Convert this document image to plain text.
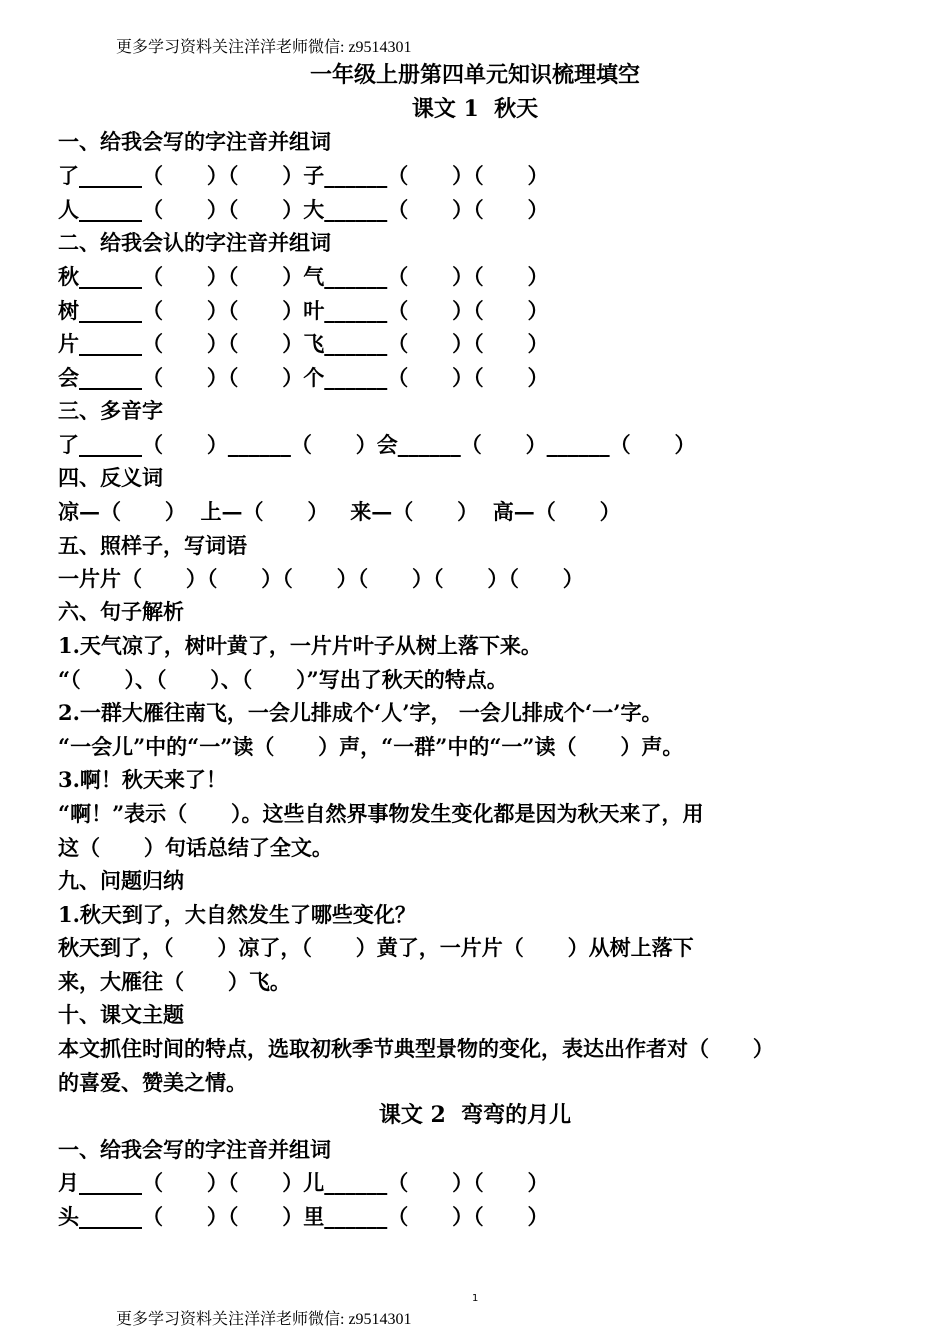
更多学习资料关注洋洋老师微信: z9514301
一年级上册第四单元知识梳理填空
课文 1  秋天
一、给我会写的字注音并组词
了______（      ）（      ）子______（      ）（      ）
人______（      ）（      ）大______（      ）（      ）
二、给我会认的字注音并组词
秋______（      ）（      ）气______（      ）（      ）
树______（      ）（      ）叶______（      ）（      ）
片______（      ）（      ）飞______（      ）（      ）
会______（      ）（      ）个______（      ）（      ）
三、多音字
了______（      ）______（      ）会______（      ）______（      ）
四、反义词
凉—（      ）  上—（      ）   来—（      ）  高—（      ）
五、照样子，写词语
一片片（      ）（      ）（      ）（      ）（      ）（      ）
六、句子解析
1.天气凉了，树叶黄了，一片片叶子从树上落下来。
“（      ）、（      ）、（      ）”写出了秋天的特点。
2.一群大雁往南飞，一会儿排成个‘人’字， 一会儿排成个‘一’字。
“一会儿”中的“一”读（      ）声，“一群”中的“一”读（      ）声。
3.啊！秋天来了！
“啊！”表示（      ）。这些自然界事物发生变化都是因为秋天来了，用
这（      ）句话总结了全文。
九、问题归纳
1.秋天到了，大自然发生了哪些变化？
秋天到了，（      ）凉了，（      ）黄了，一片片（      ）从树上落下
来，大雁往（      ）飞。
十、课文主题
本文抓住时间的特点，选取初秋季节典型景物的变化，表达出作者对（      ）
的喜爱、赞美之情。
课文 2  弯弯的月儿
一、给我会写的字注音并组词
月______（      ）（      ）儿______（      ）（      ）
头______（      ）（      ）里______（      ）（      ）
1
更多学习资料关注洋洋老师微信: z9514301
